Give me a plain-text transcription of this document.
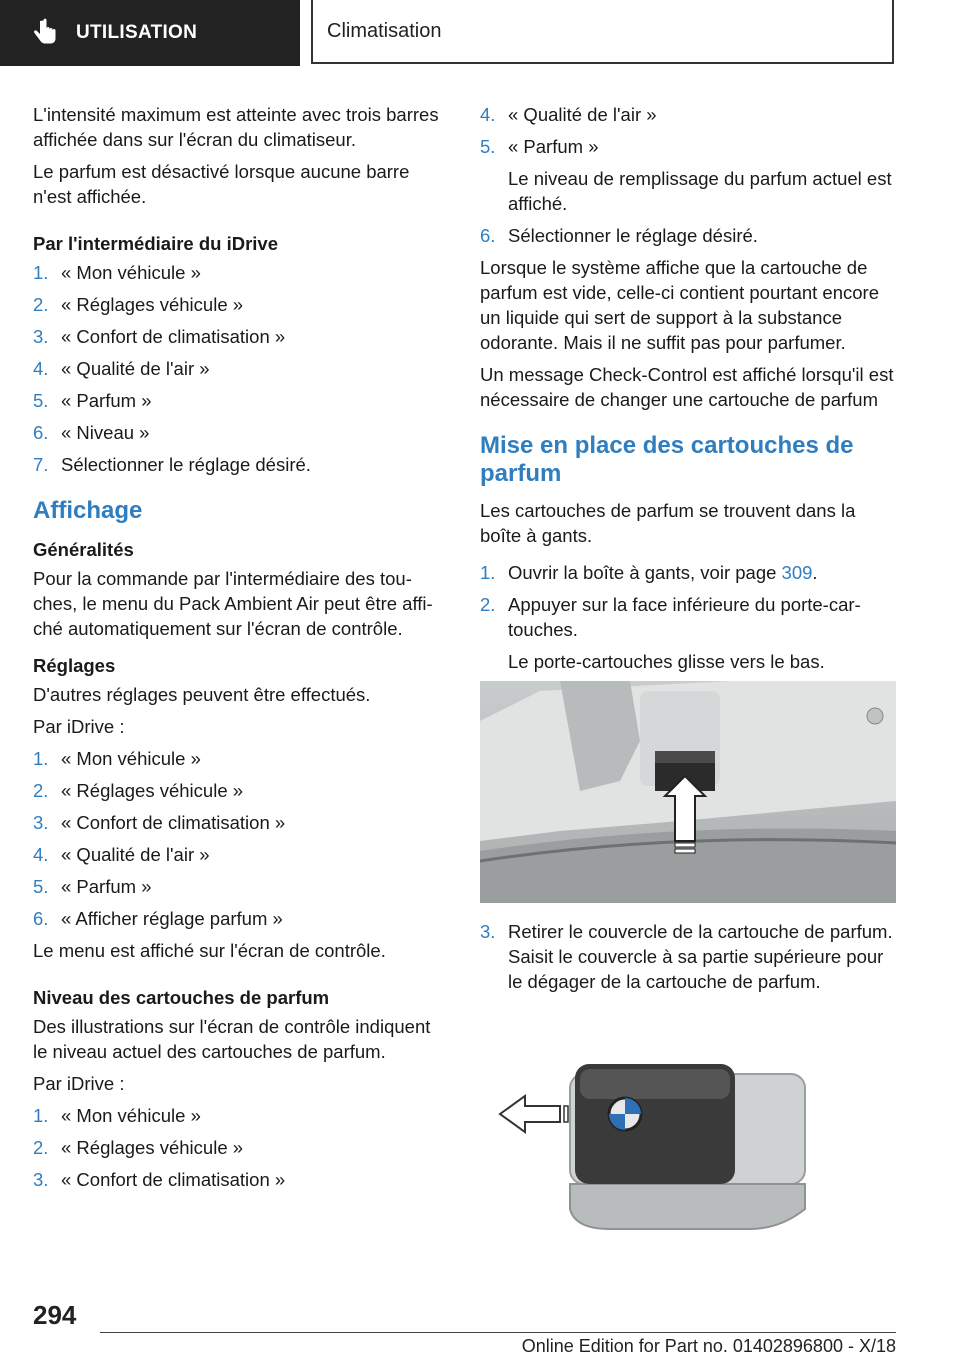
UTILISATION	Climatisation

L'intensité maximum est atteinte avec trois barres affichée dans sur l'écran du climatiseur.

Le parfum est désactivé lorsque aucune barre n'est affichée.

Par l'intermédiaire du iDrive
1. « Mon véhicule »
2. « Réglages véhicule »
3. « Confort de climatisation »
4. « Qualité de l'air »
5. « Parfum »
6. « Niveau »
7. Sélectionner le réglage désiré.
Affichage
Généralités

Pour la commande par l'intermédiaire des touches, le menu du Pack Ambient Air peut être affiché automatiquement sur l'écran de contrôle.

Réglages

D'autres réglages peuvent être effectués.

Par iDrive :

1. « Mon véhicule »
2. « Réglages véhicule »
3. « Confort de climatisation »
4. « Qualité de l'air »
5. « Parfum »
6. « Afficher réglage parfum »

Le menu est affiché sur l'écran de contrôle.

Niveau des cartouches de parfum

Des illustrations sur l'écran de contrôle indiquent le niveau actuel des cartouches de parfum.

Par iDrive :

1. « Mon véhicule »
2. « Réglages véhicule »
3. « Confort de climatisation »
4. « Qualité de l'air »
5. « Parfum »

Le niveau de remplissage du parfum actuel est affiché.

6. Sélectionner le réglage désiré.

Lorsque le système affiche que la cartouche de parfum est vide, celle-ci contient pourtant encore un liquide qui sert de support à la substance odorante. Mais il ne suffit pas pour parfumer.

Un message Check-Control est affiché lorsqu'il est nécessaire de changer une cartouche de parfum

Mise en place des cartouches de parfum

Les cartouches de parfum se trouvent dans la boîte à gants.

1. Ouvrir la boîte à gants, voir page 309.
2. Appuyer sur la face inférieure du porte-cartouches.

Le porte-cartouches glisse vers le bas.

3. Retirer le couvercle de la cartouche de parfum. Saisit le couvercle à sa partie supérieure pour le dégager de la cartouche de parfum.
294
Online Edition for Part no. 01402896800 - X/18
